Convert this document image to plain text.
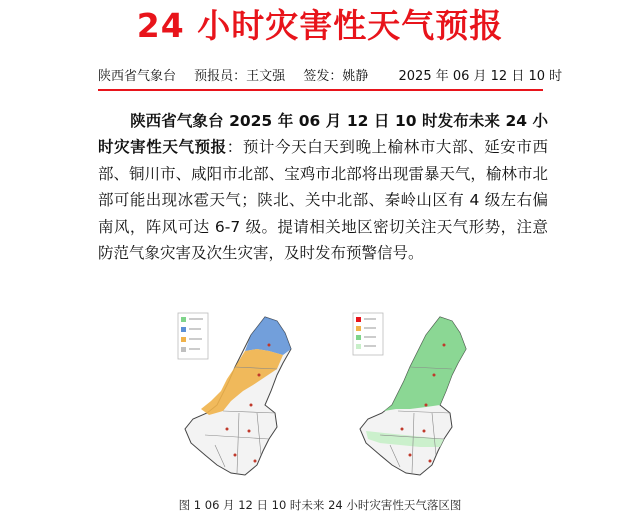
24 小时灾害性天气预报
陕西省气象台 预报员：王文强 签发：姚静 2025 年 06 月 12 日 10 时
陕西省气象台 2025 年 06 月 12 日 10 时发布未来 24 小时灾害性天气预报：预计今天白天到晚上榆林市大部、延安市西部、铜川市、咸阳市北部、宝鸡市北部将出现雷暴天气，榆林市北部可能出现冰雹天气；陕北、关中北部、秦岭山区有 4 级左右偏南风，阵风可达 6-7 级。提请相关地区密切关注天气形势，注意防范气象灾害及次生灾害，及时发布预警信号。
图 1 06 月 12 日 10 时未来 24 小时灾害性天气落区图
